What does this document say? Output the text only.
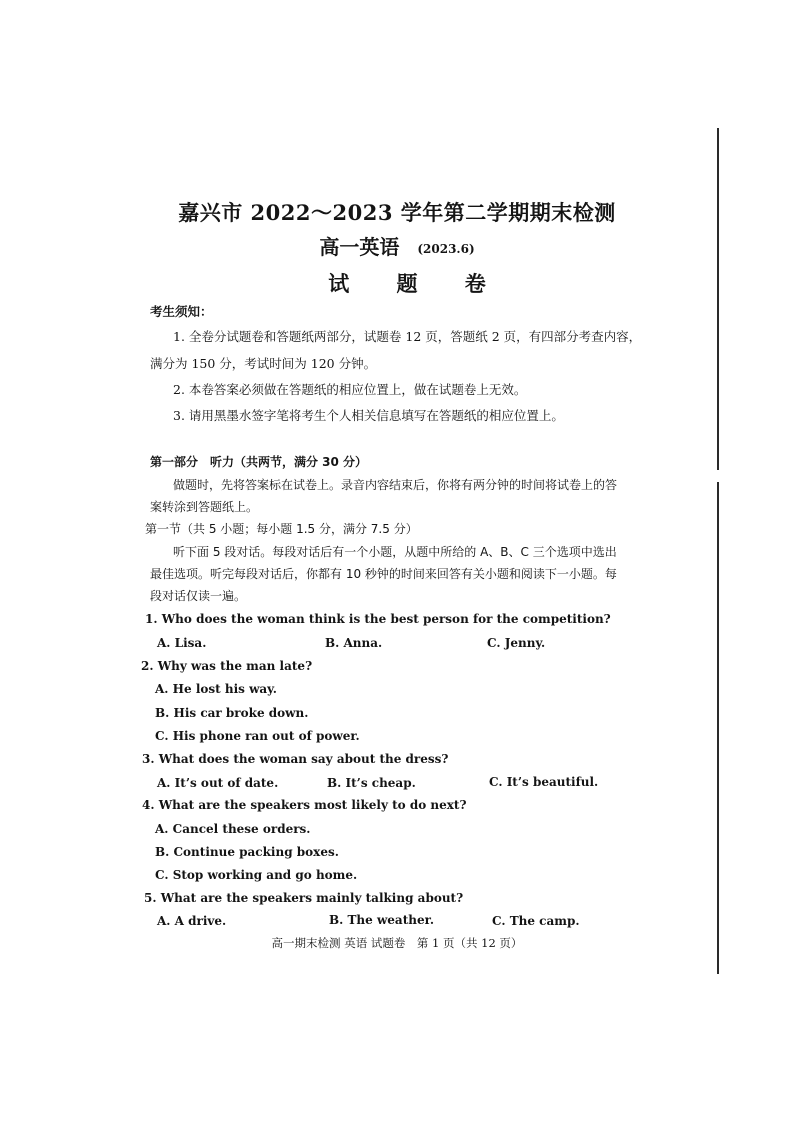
嘉兴市 2022～2023 学年第二学期期末检测
高一英语 (2023.6)
试 题 卷
考生须知：
1. 全卷分试题卷和答题纸两部分，试题卷 12 页，答题纸 2 页，有四部分考查内容，
满分为 150 分，考试时间为 120 分钟。
2. 本卷答案必须做在答题纸的相应位置上，做在试题卷上无效。
3. 请用黑墨水签字笔将考生个人相关信息填写在答题纸的相应位置上。
第一部分　听力（共两节，满分 30 分）
做题时，先将答案标在试卷上。录音内容结束后，你将有两分钟的时间将试卷上的答
案转涂到答题纸上。
第一节（共 5 小题；每小题 1.5 分，满分 7.5 分）
听下面 5 段对话。每段对话后有一个小题，从题中所给的 A、B、C 三个选项中选出
最佳选项。听完每段对话后，你都有 10 秒钟的时间来回答有关小题和阅读下一小题。每
段对话仅读一遍。
1. Who does the woman think is the best person for the competition?
A. Lisa.	B. Anna.	C. Jenny.
2. Why was the man late?
A. He lost his way.
B. His car broke down.
C. His phone ran out of power.
3. What does the woman say about the dress?
A. It’s out of date.	B. It’s cheap.	C. It’s beautiful.
4. What are the speakers most likely to do next?
A. Cancel these orders.
B. Continue packing boxes.
C. Stop working and go home.
5. What are the speakers mainly talking about?
A. A drive.	B. The weather.	C. The camp.
高一期末检测 英语 试题卷　第 1 页（共 12 页）
